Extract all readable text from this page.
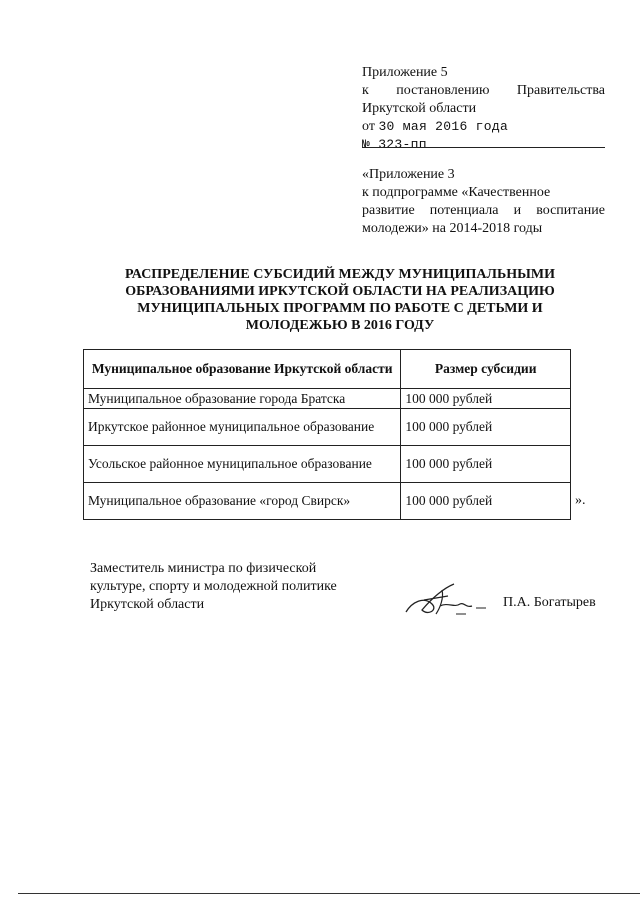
Приложение 5
к постановлению Правительства
Иркутской области
от 30 мая 2016 года
№ 323-пп
«Приложение 3
к подпрограмме «Качественное
развитие потенциала и воспитание
молодежи» на 2014-2018 годы
РАСПРЕДЕЛЕНИЕ СУБСИДИЙ МЕЖДУ МУНИЦИПАЛЬНЫМИ
ОБРАЗОВАНИЯМИ ИРКУТСКОЙ ОБЛАСТИ НА РЕАЛИЗАЦИЮ
МУНИЦИПАЛЬНЫХ ПРОГРАММ ПО РАБОТЕ С ДЕТЬМИ И
МОЛОДЕЖЬЮ В 2016 ГОДУ
Муниципальное образование Иркутской области	Размер субсидии
Муниципальное образование города Братска	100 000 рублей
Иркутское районное муниципальное образование	100 000 рублей
Усольское районное муниципальное образование	100 000 рублей
Муниципальное образование «город Свирск»	100 000 рублей	».
Заместитель министра по физической
культуре, спорту и молодежной политике
Иркутской области	П.А. Богатырев
